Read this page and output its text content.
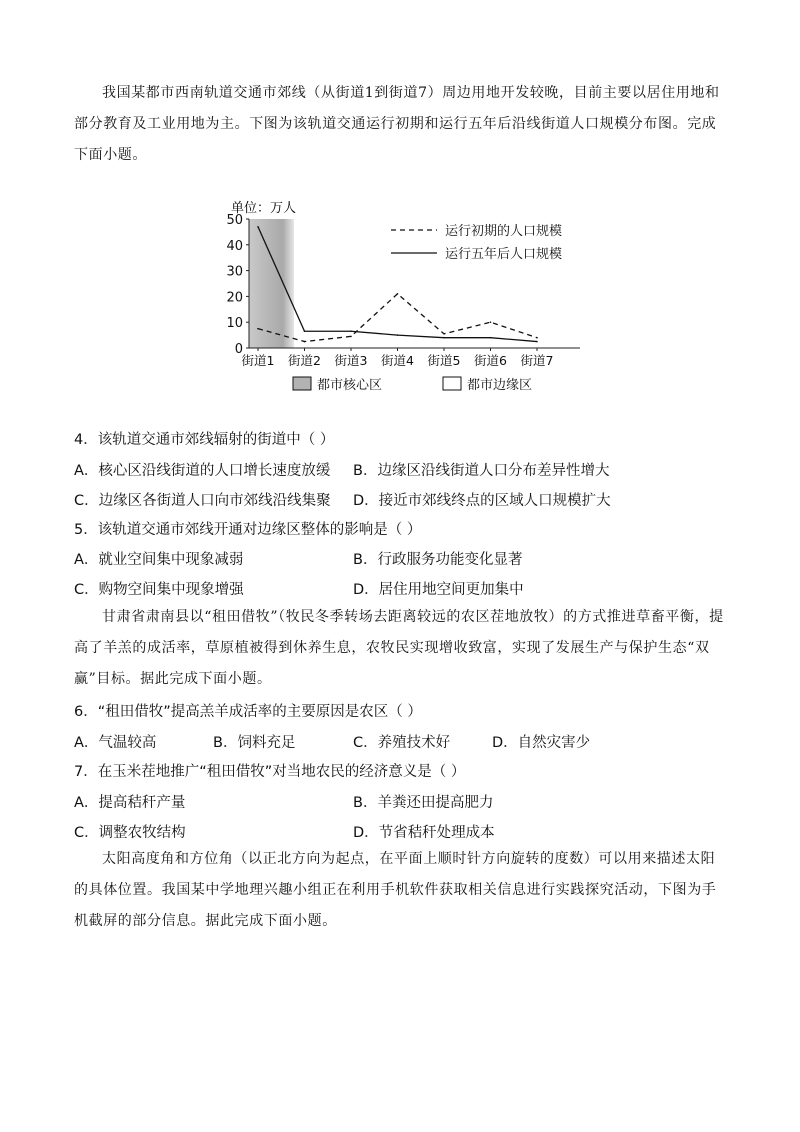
我国某都市西南轨道交通市郊线（从街道1到街道7）周边用地开发较晚，目前主要以居住用地和部分教育及工业用地为主。下图为该轨道交通运行初期和运行五年后沿线街道人口规模分布图。完成下面小题。

单位：万人
0
10
20
30
40
50
街道1 街道2 街道3 街道4 街道5 街道6 街道7
运行初期的人口规模
运行五年后人口规模
都市核心区	都市边缘区
4．该轨道交通市郊线辐射的街道中（ ）
A．核心区沿线街道的人口增长速度放缓 B．边缘区沿线街道人口分布差异性增大
C．边缘区各街道人口向市郊线沿线集聚 D．接近市郊线终点的区域人口规模扩大
5．该轨道交通市郊线开通对边缘区整体的影响是（ ）
A．就业空间集中现象减弱	B．行政服务功能变化显著
C．购物空间集中现象增强	D．居住用地空间更加集中

甘肃省肃南县以“租田借牧”（牧民冬季转场去距离较远的农区茬地放牧）的方式推进草畜平衡，提高了羊羔的成活率，草原植被得到休养生息，农牧民实现增收致富，实现了发展生产与保护生态“双赢”目标。据此完成下面小题。

6．“租田借牧”提高羔羊成活率的主要原因是农区（ ）
A．气温较高	B．饲料充足	C．养殖技术好	D．自然灾害少
7．在玉米茬地推广“租田借牧”对当地农民的经济意义是（ ）
A．提高秸秆产量	B．羊粪还田提高肥力
C．调整农牧结构	D．节省秸秆处理成本

太阳高度角和方位角（以正北方向为起点，在平面上顺时针方向旋转的度数）可以用来描述太阳的具体位置。我国某中学地理兴趣小组正在利用手机软件获取相关信息进行实践探究活动，下图为手机截屏的部分信息。据此完成下面小题。
